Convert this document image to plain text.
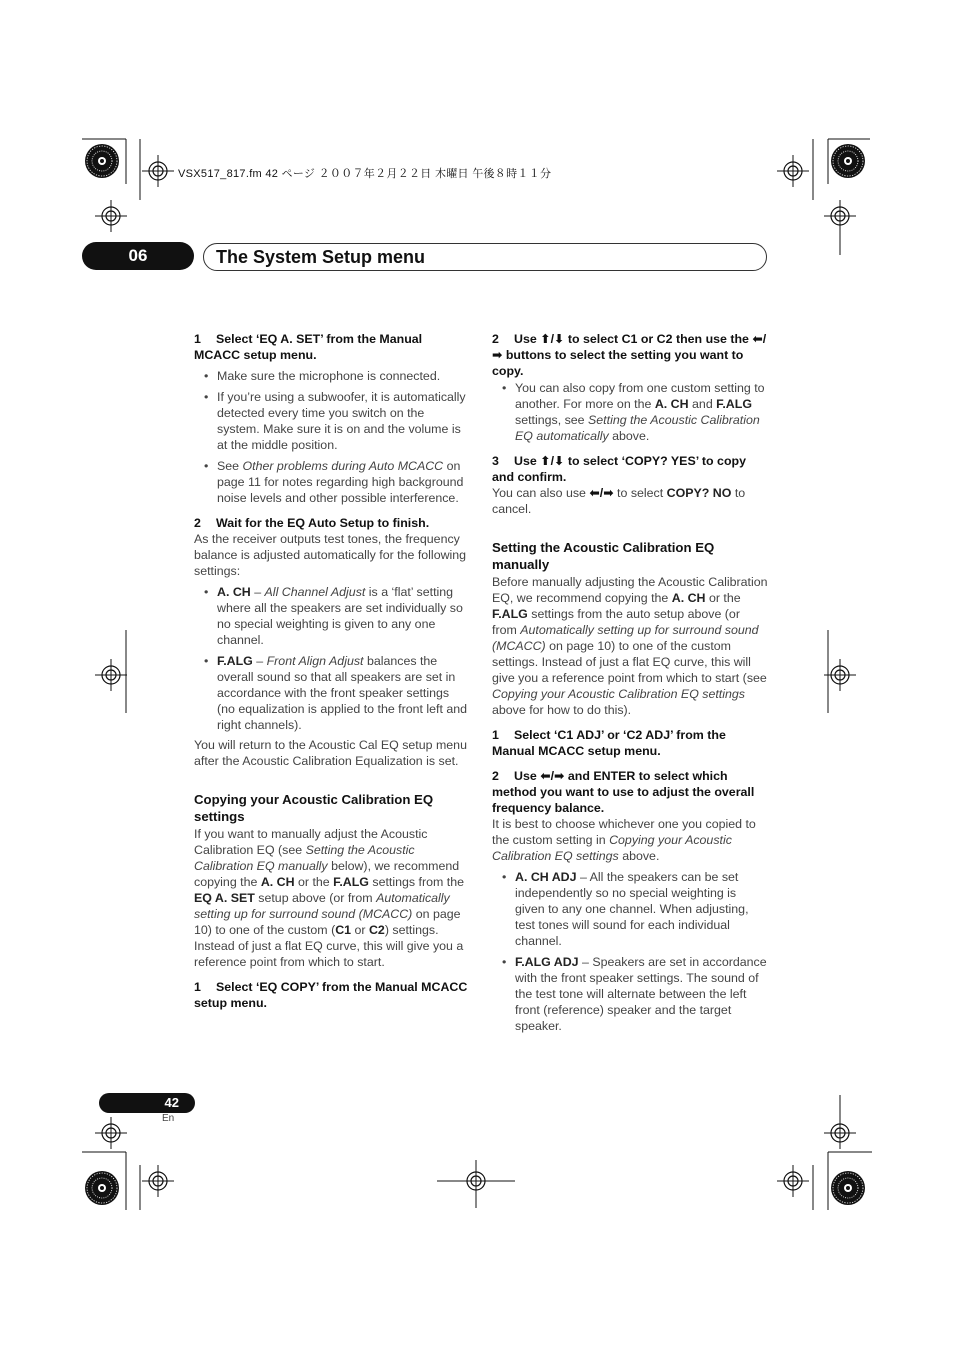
VSX517_817.fm 42 ページ ２００７年２月２２日 木曜日 午後８時１１分
06	The System Setup menu

1 Select ‘EQ A. SET’ from the Manual MCACC setup menu.

• Make sure the microphone is connected.
• If you’re using a subwoofer, it is automatically detected every time you switch on the system. Make sure it is on and the volume is at the middle position.
• See Other problems during Auto MCACC on page 11 for notes regarding high background noise levels and other possible interference.

2 Wait for the EQ Auto Setup to finish.

As the receiver outputs test tones, the frequency balance is adjusted automatically for the following settings:

• A. CH – All Channel Adjust is a ‘flat’ setting where all the speakers are set individually so no special weighting is given to any one channel.
• F.ALG – Front Align Adjust balances the overall sound so that all speakers are set in accordance with the front speaker settings (no equalization is applied to the front left and right channels).

You will return to the Acoustic Cal EQ setup menu after the Acoustic Calibration Equalization is set.

Copying your Acoustic Calibration EQ settings

If you want to manually adjust the Acoustic Calibration EQ (see Setting the Acoustic Calibration EQ manually below), we recommend copying the A. CH or the F.ALG settings from the EQ A. SET setup above (or from Automatically setting up for surround sound (MCACC) on page 10) to one of the custom (C1 or C2) settings. Instead of just a flat EQ curve, this will give you a reference point from which to start.

1 Select ‘EQ COPY’ from the Manual MCACC setup menu.

2 Use ⬆/⬇ to select C1 or C2 then use the ⬅/➡ buttons to select the setting you want to copy.

• You can also copy from one custom setting to another. For more on the A. CH and F.ALG settings, see Setting the Acoustic Calibration EQ automatically above.

3 Use ⬆/⬇ to select ‘COPY? YES’ to copy and confirm.

You can also use ⬅/➡ to select COPY? NO to cancel.

Setting the Acoustic Calibration EQ manually

Before manually adjusting the Acoustic Calibration EQ, we recommend copying the A. CH or the F.ALG settings from the auto setup above (or from Automatically setting up for surround sound (MCACC) on page 10) to one of the custom settings. Instead of just a flat EQ curve, this will give you a reference point from which to start (see Copying your Acoustic Calibration EQ settings above for how to do this).

1 Select ‘C1 ADJ’ or ‘C2 ADJ’ from the Manual MCACC setup menu.

2 Use ⬅/➡ and ENTER to select which method you want to use to adjust the overall frequency balance.

It is best to choose whichever one you copied to the custom setting in Copying your Acoustic Calibration EQ settings above.

• A. CH ADJ – All the speakers can be set independently so no special weighting is given to any one channel. When adjusting, test tones will sound for each individual channel.
• F.ALG ADJ – Speakers are set in accordance with the front speaker settings. The sound of the test tone will alternate between the left front (reference) speaker and the target speaker.
42
En
